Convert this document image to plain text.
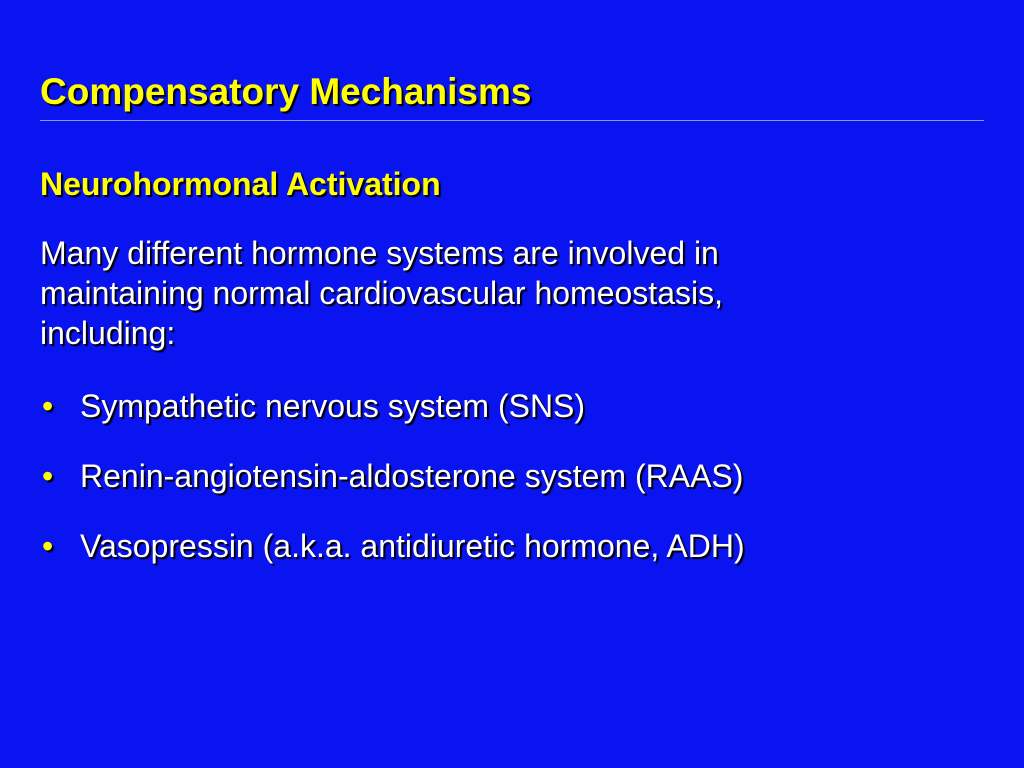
Compensatory Mechanisms
Neurohormonal Activation

Many different hormone systems are involved in
maintaining normal cardiovascular homeostasis,
including:

• Sympathetic nervous system (SNS)
• Renin-angiotensin-aldosterone system (RAAS)
• Vasopressin (a.k.a. antidiuretic hormone, ADH)
